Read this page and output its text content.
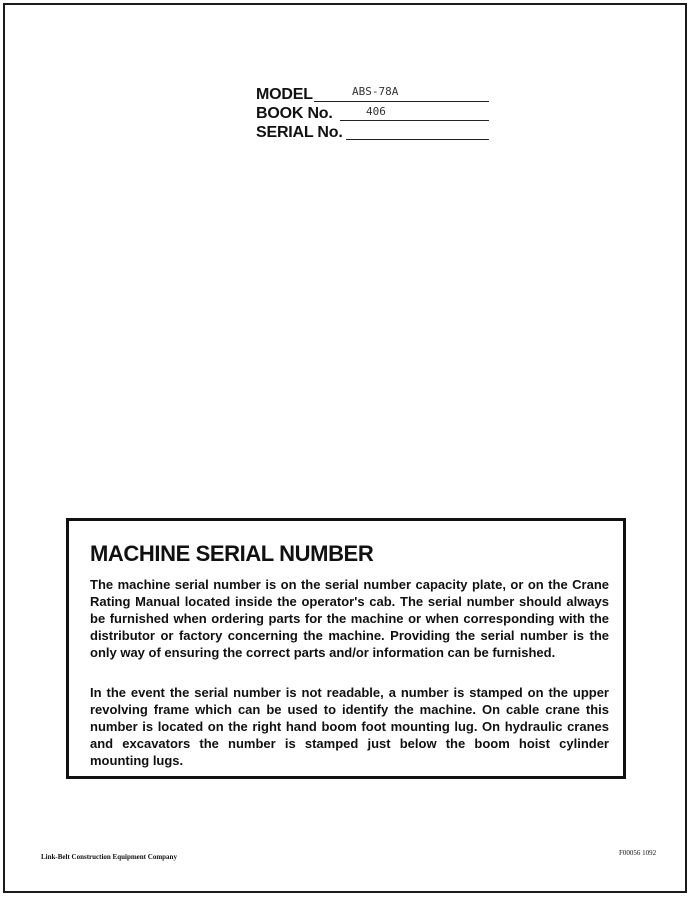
MODEL	ABS-78A
BOOK No.	406
SERIAL No.
MACHINE SERIAL NUMBER

The machine serial number is on the serial number capacity plate, or on the Crane Rating Manual located inside the operator's cab. The serial number should always be furnished when ordering parts for the machine or when corresponding with the distributor or factory concerning the machine. Providing the serial number is the only way of ensuring the correct parts and/or information can be furnished.

In the event the serial number is not readable, a number is stamped on the upper revolving frame which can be used to identify the machine. On cable crane this number is located on the right hand boom foot mounting lug. On hydraulic cranes and excavators the number is stamped just below the boom hoist cylinder mounting lugs.

Link-Belt Construction Equipment Company	F00056 1092
